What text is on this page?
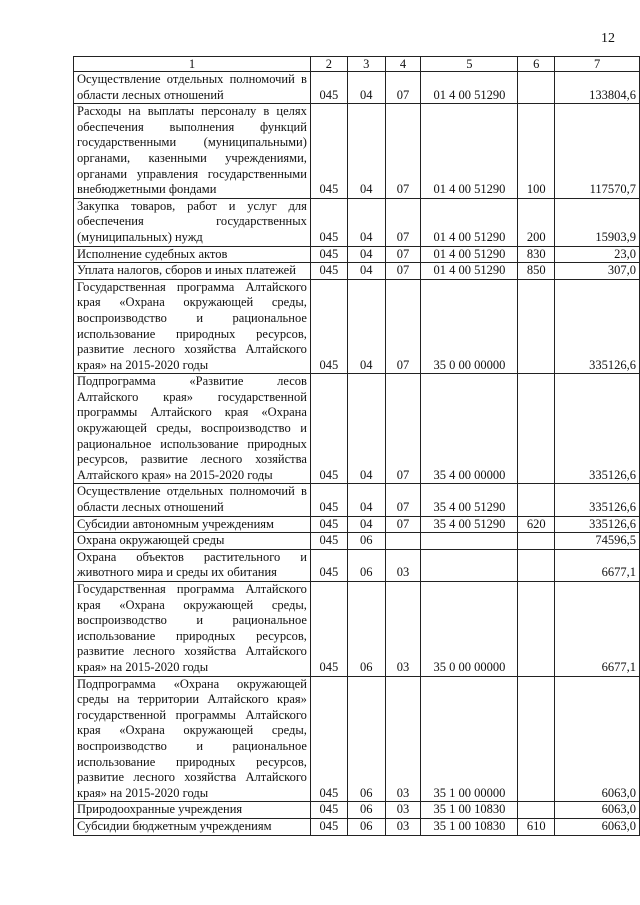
12
1	2	3	4	5	6	7

Осуществление отдельных полномочий в области лесных отношений	045	04	07	01 4 00 51290		133804,6

Расходы на выплаты персоналу в целях обеспечения выполнения функций государственными (муниципальными) органами, казенными учреждениями, органами управления государственными внебюджетными фондами	045	04	07	01 4 00 51290	100	117570,7

Закупка товаров, работ и услуг для обеспечения государственных (муниципальных) нужд	045	04	07	01 4 00 51290	200	15903,9

Исполнение судебных актов	045	04	07	01 4 00 51290	830	23,0

Уплата налогов, сборов и иных платежей	045	04	07	01 4 00 51290	850	307,0

Государственная программа Алтайского края «Охрана окружающей среды, воспроизводство и рациональное использование природных ресурсов, развитие лесного хозяйства Алтайского края» на 2015-2020 годы	045	04	07	35 0 00 00000		335126,6

Подпрограмма «Развитие лесов Алтайского края» государственной программы Алтайского края «Охрана окружающей среды, воспроизводство и рациональное использование природных ресурсов, развитие лесного хозяйства Алтайского края» на 2015-2020 годы	045	04	07	35 4 00 00000		335126,6

Осуществление отдельных полномочий в области лесных отношений	045	04	07	35 4 00 51290		335126,6

Субсидии автономным учреждениям	045	04	07	35 4 00 51290	620	335126,6

Охрана окружающей среды	045	06				74596,5

Охрана объектов растительного и животного мира и среды их обитания	045	06	03			6677,1

Государственная программа Алтайского края «Охрана окружающей среды, воспроизводство и рациональное использование природных ресурсов, развитие лесного хозяйства Алтайского края» на 2015-2020 годы	045	06	03	35 0 00 00000		6677,1

Подпрограмма «Охрана окружающей среды на территории Алтайского края» государственной программы Алтайского края «Охрана окружающей среды, воспроизводство и рациональное использование природных ресурсов, развитие лесного хозяйства Алтайского края» на 2015-2020 годы	045	06	03	35 1 00 00000		6063,0

Природоохранные учреждения	045	06	03	35 1 00 10830		6063,0

Субсидии бюджетным учреждениям	045	06	03	35 1 00 10830	610	6063,0
